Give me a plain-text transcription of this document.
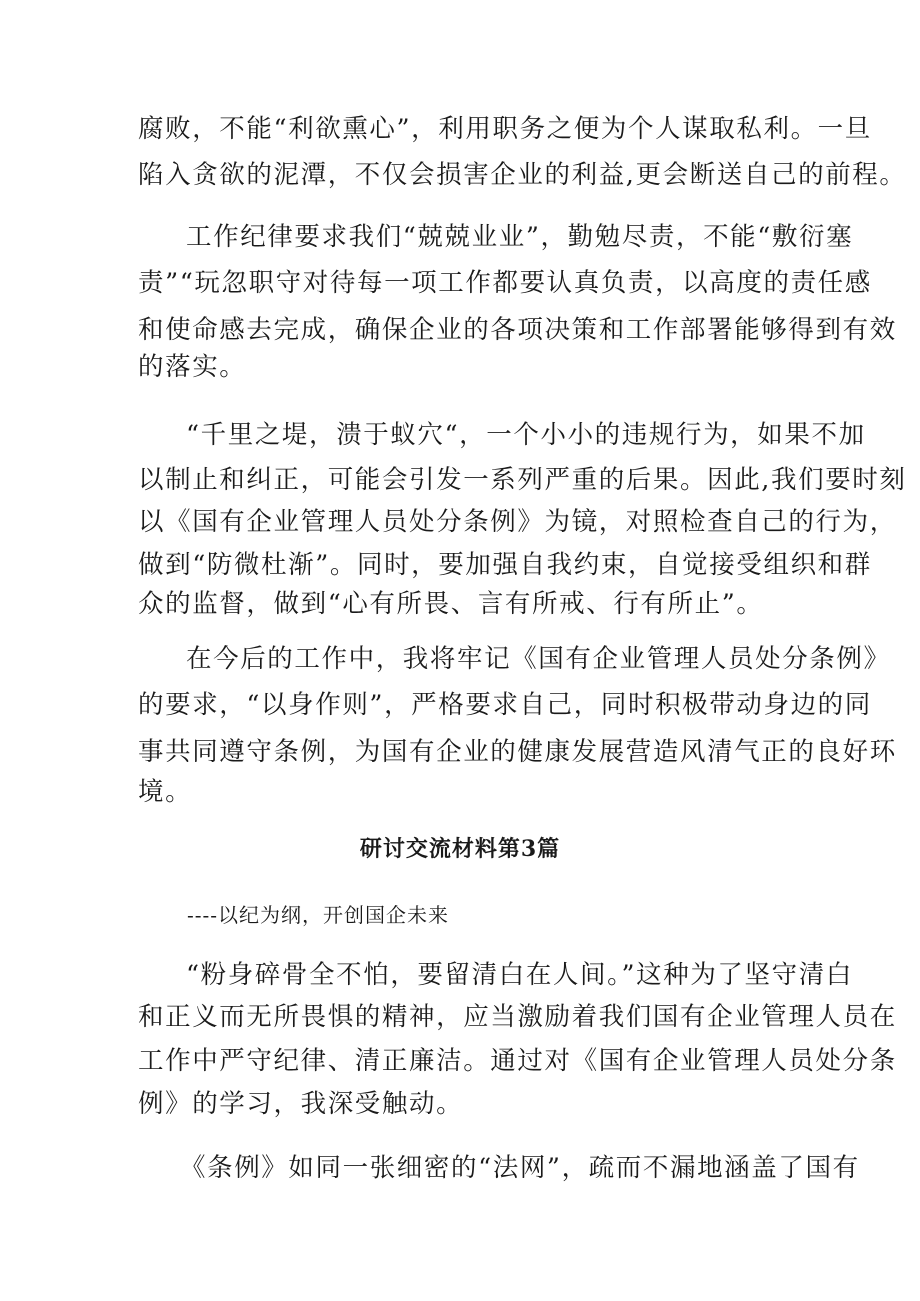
腐败，不能“利欲熏心”，利用职务之便为个人谋取私利。一旦
陷入贪欲的泥潭，不仅会损害企业的利益,更会断送自己的前程。
工作纪律要求我们“兢兢业业”，勤勉尽责，不能“敷衍塞
责”“玩忽职守对待每一项工作都要认真负责，以高度的责任感
和使命感去完成，确保企业的各项决策和工作部署能够得到有效
的落实。
“千里之堤，溃于蚁穴“，一个小小的违规行为，如果不加
以制止和纠正，可能会引发一系列严重的后果。因此,我们要时刻
以《国有企业管理人员处分条例》为镜，对照检查自己的行为，
做到“防微杜渐”。同时，要加强自我约束，自觉接受组织和群
众的监督，做到“心有所畏、言有所戒、行有所止”。
在今后的工作中，我将牢记《国有企业管理人员处分条例》
的要求，“以身作则”，严格要求自己，同时积极带动身边的同
事共同遵守条例，为国有企业的健康发展营造风清气正的良好环
境。
研讨交流材料第3篇
----以纪为纲，开创国企未来
“粉身碎骨全不怕，要留清白在人间。”这种为了坚守清白
和正义而无所畏惧的精神，应当激励着我们国有企业管理人员在
工作中严守纪律、清正廉洁。通过对《国有企业管理人员处分条
例》的学习，我深受触动。
《条例》如同一张细密的“法网”，疏而不漏地涵盖了国有
